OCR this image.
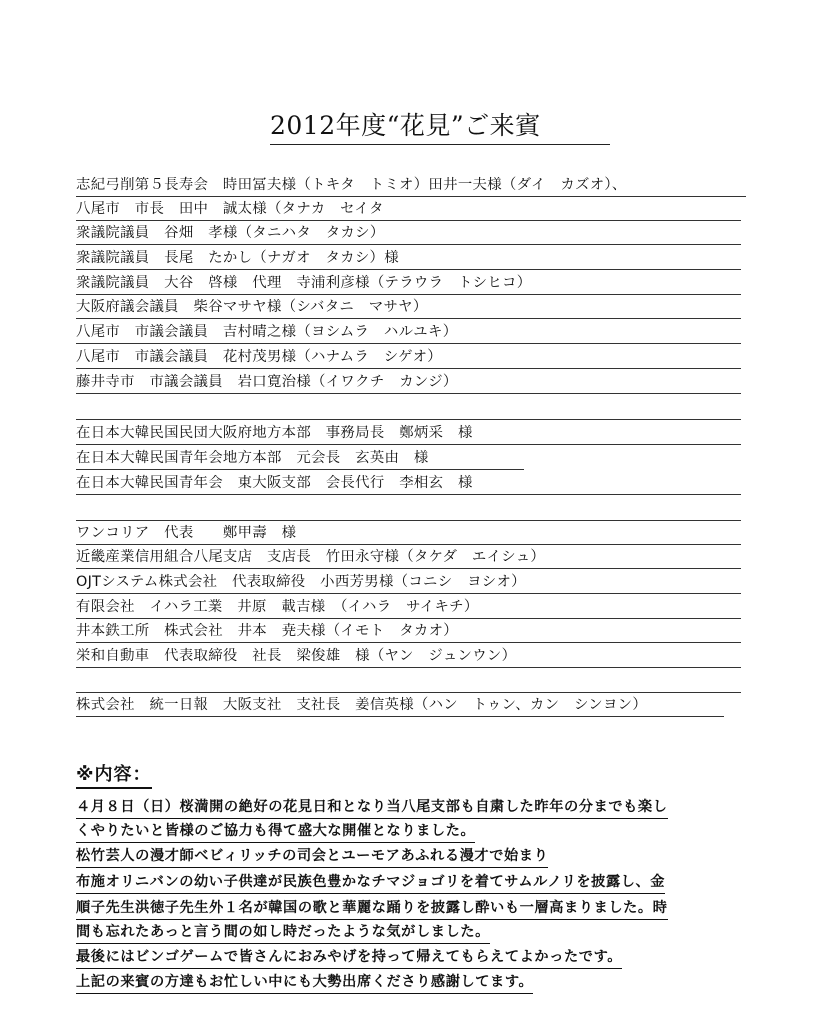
2012年度“花見”ご来賓
志紀弓削第５長寿会　時田冨夫様（トキタ　トミオ）田井一夫様（ダイ　カズオ）、
八尾市　市長　田中　誠太様（タナカ　セイタ
衆議院議員　谷畑　孝様（タニハタ　タカシ）
衆議院議員　長尾　たかし（ナガオ　タカシ）様
衆議院議員　大谷　啓様　代理　寺浦利彦様（テラウラ　トシヒコ）
大阪府議会議員　柴谷マサヤ様（シバタニ　マサヤ）
八尾市　市議会議員　吉村晴之様（ヨシムラ　ハルユキ）
八尾市　市議会議員　花村茂男様（ハナムラ　シゲオ）
藤井寺市　市議会議員　岩口寛治様（イワクチ　カンジ）
在日本大韓民国民団大阪府地方本部　事務局長　鄭炳采　様
在日本大韓民国青年会地方本部　元会長　玄英由　様
在日本大韓民国青年会　東大阪支部　会長代行　李相玄　様
ワンコリア　代表　　鄭甲壽　様
近畿産業信用組合八尾支店　支店長　竹田永守様（タケダ　エイシュ）
OJTシステム株式会社　代表取締役　小西芳男様（コニシ　ヨシオ）
有限会社　イハラ工業　井原　載吉様　（イハラ　サイキチ）
井本鉄工所　株式会社　井本　尭夫様（イモト　タカオ）
栄和自動車　代表取締役　社長　梁俊雄　様（ヤン　ジュンウン）
株式会社　統一日報　大阪支社　支社長　姜信英様（ハン　トゥン、カン　シンヨン）
※内容：
４月８日（日）桜満開の絶好の花見日和となり当八尾支部も自粛した昨年の分までも楽し
くやりたいと皆様のご協力も得て盛大な開催となりました。
松竹芸人の漫才師ベビィリッチの司会とユーモアあふれる漫才で始まり
布施オリニバンの幼い子供達が民族色豊かなチマジョゴリを着てサムルノリを披露し、金
順子先生洪徳子先生外１名が韓国の歌と華麗な踊りを披露し酔いも一層高まりました。時
間も忘れたあっと言う間の如し時だったような気がしました。
最後にはビンゴゲームで皆さんにおみやげを持って帰えてもらえてよかったです。
上記の来賓の方達もお忙しい中にも大勢出席くださり感謝してます。
